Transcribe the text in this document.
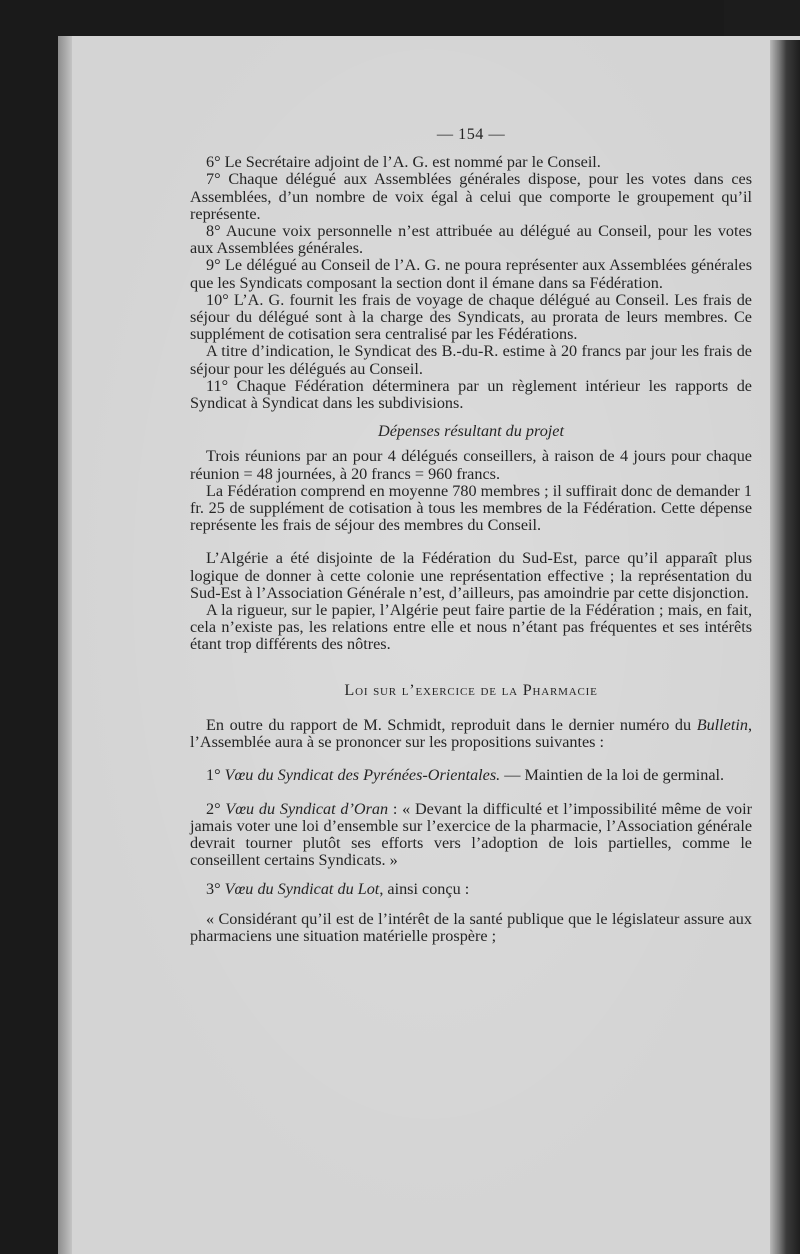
— 154 —

6° Le Secrétaire adjoint de l’A. G. est nommé par le Conseil.

7° Chaque délégué aux Assemblées générales dispose, pour les votes dans ces Assemblées, d’un nombre de voix égal à celui que comporte le groupement qu’il représente.

8° Aucune voix personnelle n’est attribuée au délégué au Conseil, pour les votes aux Assemblées générales.

9° Le délégué au Conseil de l’A. G. ne poura représenter aux Assemblées générales que les Syndicats composant la section dont il émane dans sa Fédération.

10° L’A. G. fournit les frais de voyage de chaque délégué au Conseil. Les frais de séjour du délégué sont à la charge des Syndicats, au prorata de leurs membres. Ce supplément de cotisation sera centralisé par les Fédérations.

A titre d’indication, le Syndicat des B.-du-R. estime à 20 francs par jour les frais de séjour pour les délégués au Conseil.

11° Chaque Fédération déterminera par un règlement intérieur les rapports de Syndicat à Syndicat dans les subdivisions.

Dépenses résultant du projet

Trois réunions par an pour 4 délégués conseillers, à raison de 4 jours pour chaque réunion = 48 journées, à 20 francs = 960 francs.

La Fédération comprend en moyenne 780 membres ; il suffirait donc de demander 1 fr. 25 de supplément de cotisation à tous les membres de la Fédération. Cette dépense représente les frais de séjour des membres du Conseil.

L’Algérie a été disjointe de la Fédération du Sud-Est, parce qu’il apparaît plus logique de donner à cette colonie une représentation effective ; la représentation du Sud-Est à l’Association Générale n’est, d’ailleurs, pas amoindrie par cette disjonction.

A la rigueur, sur le papier, l’Algérie peut faire partie de la Fédération ; mais, en fait, cela n’existe pas, les relations entre elle et nous n’étant pas fréquentes et ses intérêts étant trop différents des nôtres.

Loi sur l’exercice de la Pharmacie

En outre du rapport de M. Schmidt, reproduit dans le dernier numéro du Bulletin, l’Assemblée aura à se prononcer sur les propositions suivantes :

1° Vœu du Syndicat des Pyrénées-Orientales. — Maintien de la loi de germinal.

2° Vœu du Syndicat d’Oran : « Devant la difficulté et l’impossibilité même de voir jamais voter une loi d’ensemble sur l’exercice de la pharmacie, l’Association générale devrait tourner plutôt ses efforts vers l’adoption de lois partielles, comme le conseillent certains Syndicats. »

3° Vœu du Syndicat du Lot, ainsi conçu :

« Considérant qu’il est de l’intérêt de la santé publique que le législateur assure aux pharmaciens une situation matérielle prospère ;
